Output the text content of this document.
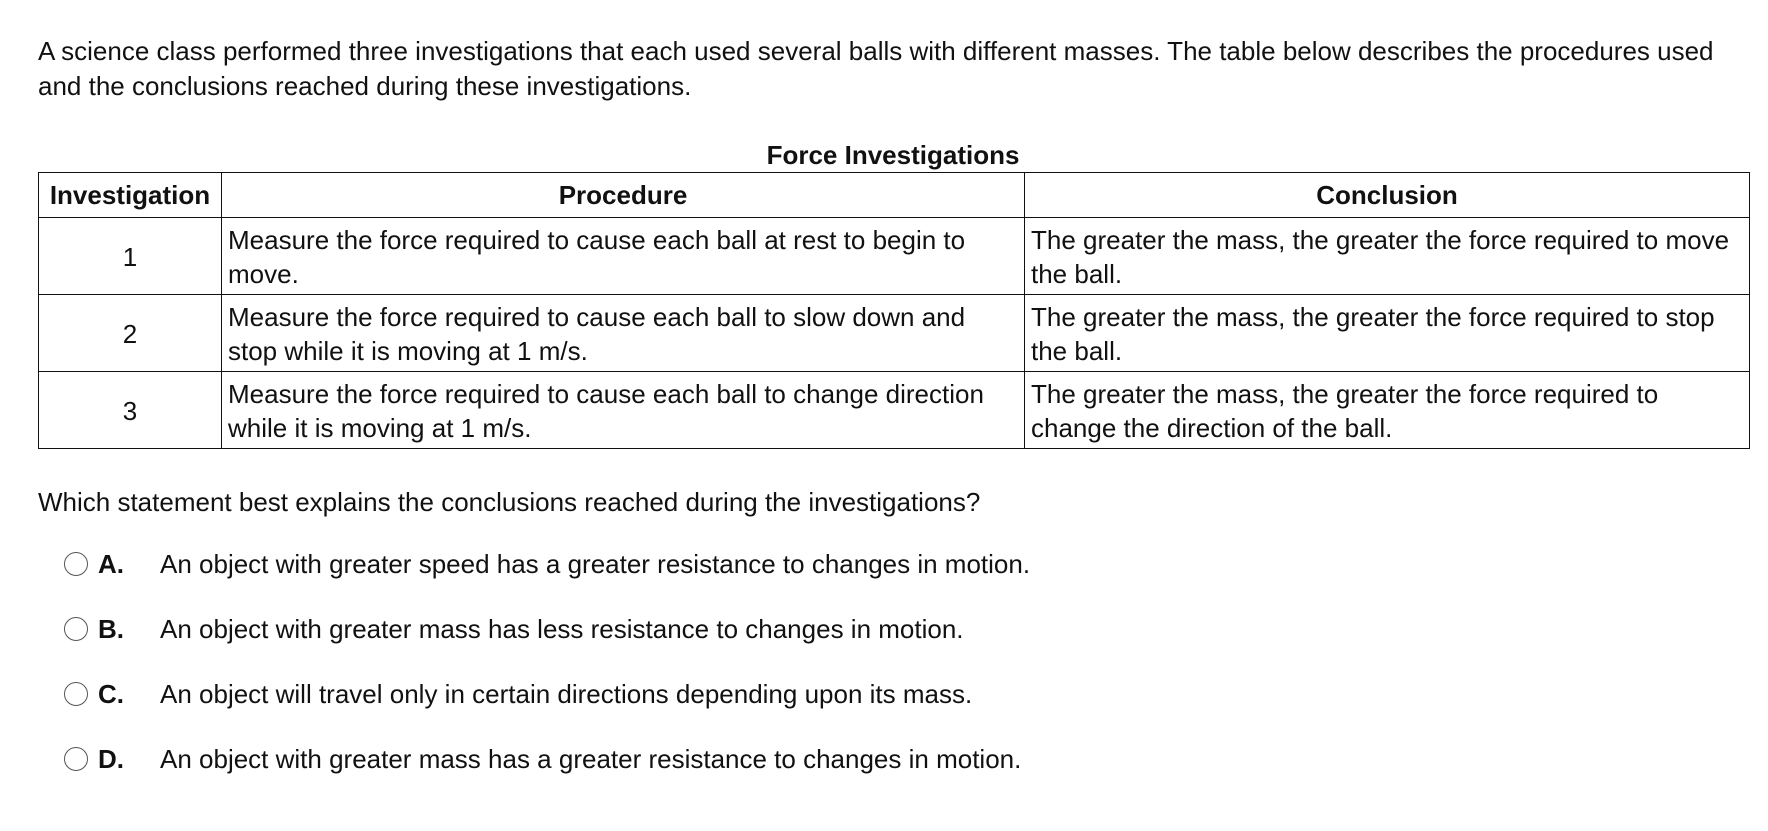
A science class performed three investigations that each used several balls with different masses. The table below describes the procedures used and the conclusions reached during these investigations.

Force Investigations
Investigation	Procedure	Conclusion
1	Measure the force required to cause each ball at rest to begin to move.	The greater the mass, the greater the force required to move the ball.
2	Measure the force required to cause each ball to slow down and stop while it is moving at 1 m/s.	The greater the mass, the greater the force required to stop the ball.
3	Measure the force required to cause each ball to change direction while it is moving at 1 m/s.	The greater the mass, the greater the force required to change the direction of the ball.

Which statement best explains the conclusions reached during the investigations?

A.	An object with greater speed has a greater resistance to changes in motion.
B.	An object with greater mass has less resistance to changes in motion.
C.	An object will travel only in certain directions depending upon its mass.
D.	An object with greater mass has a greater resistance to changes in motion.
